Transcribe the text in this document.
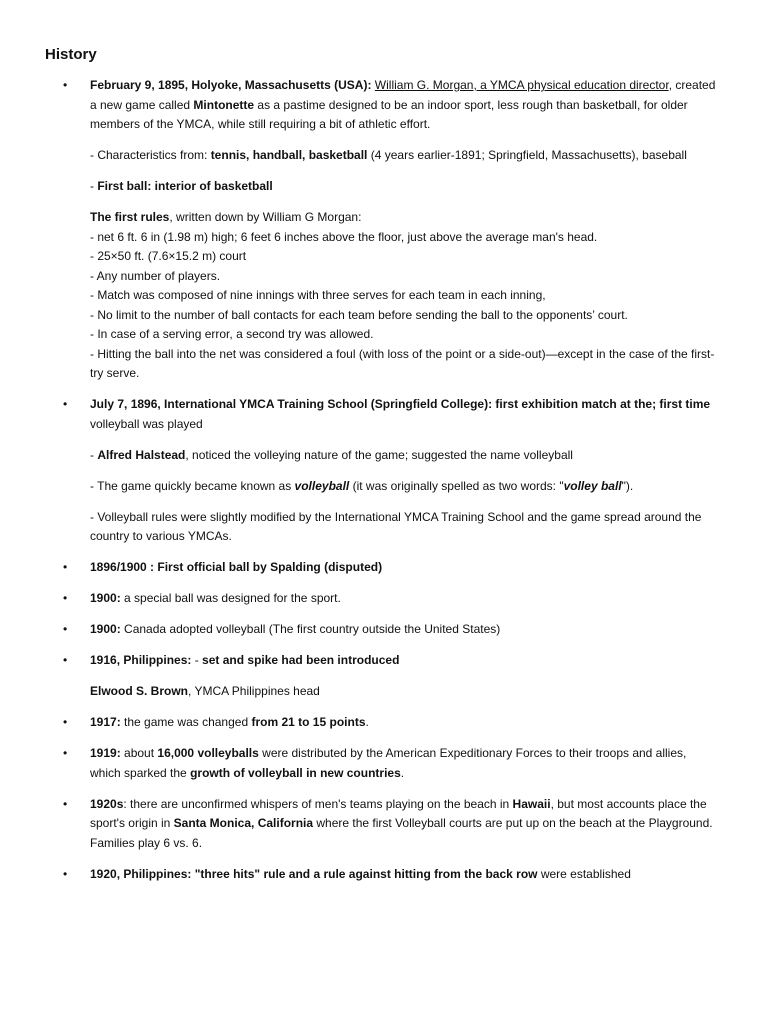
History
• February 9, 1895, Holyoke, Massachusetts (USA): William G. Morgan, a YMCA physical education director, created a new game called Mintonette as a pastime designed to be an indoor sport, less rough than basketball, for older members of the YMCA, while still requiring a bit of athletic effort.
- Characteristics from: tennis, handball, basketball (4 years earlier-1891; Springfield, Massachusetts), baseball
- First ball: interior of basketball
The first rules, written down by William G Morgan:
- net 6 ft. 6 in (1.98 m) high; 6 feet 6 inches above the floor, just above the average man's head.
- 25×50 ft. (7.6×15.2 m) court
- Any number of players.
- Match was composed of nine innings with three serves for each team in each inning,
- No limit to the number of ball contacts for each team before sending the ball to the opponents’ court.
- In case of a serving error, a second try was allowed.
- Hitting the ball into the net was considered a foul (with loss of the point or a side-out)—except in the case of the first-try serve.
• July 7, 1896, International YMCA Training School (Springfield College): first exhibition match at the; first time volleyball was played
- Alfred Halstead, noticed the volleying nature of the game; suggested the name volleyball
- The game quickly became known as volleyball (it was originally spelled as two words: "volley ball").
- Volleyball rules were slightly modified by the International YMCA Training School and the game spread around the country to various YMCAs.
• 1896/1900 : First official ball by Spalding (disputed)
• 1900: a special ball was designed for the sport.
• 1900: Canada adopted volleyball (The first country outside the United States)
• 1916, Philippines: - set and spike had been introduced
Elwood S. Brown, YMCA Philippines head
• 1917: the game was changed from 21 to 15 points.
• 1919: about 16,000 volleyballs were distributed by the American Expeditionary Forces to their troops and allies, which sparked the growth of volleyball in new countries.
• 1920s: there are unconfirmed whispers of men's teams playing on the beach in Hawaii, but most accounts place the sport's origin in Santa Monica, California where the first Volleyball courts are put up on the beach at the Playground. Families play 6 vs. 6.
• 1920, Philippines: "three hits" rule and a rule against hitting from the back row were established
